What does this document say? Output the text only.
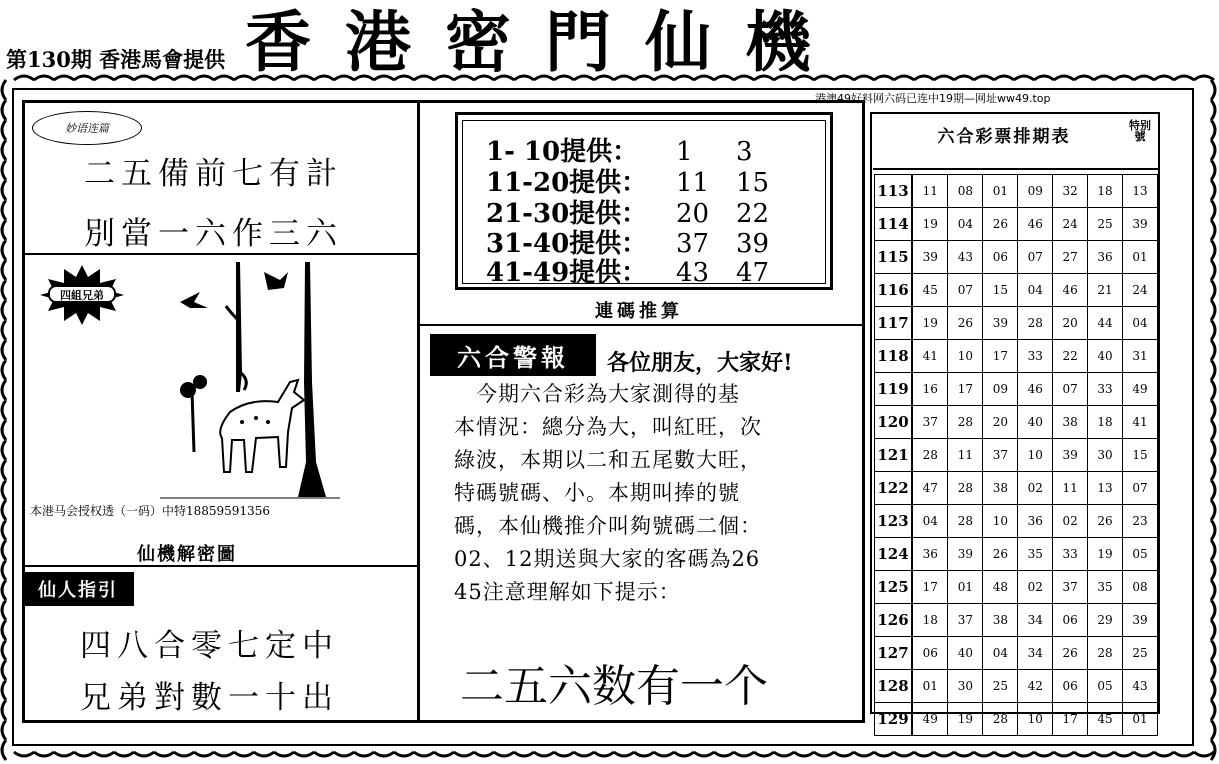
第130期 香港馬會提供 香港密門仙機
港澳49好料网六码已连中19期—网址ww49.top
妙语连篇
二五備前七有計
別當一六作三六
四組兄弟
本港马会授权透（一码）中特18859591356
仙機解密圖
仙人指引
四八合零七定中
兄弟對數一十出
1- 10提供： 1 3
11-20提供： 11 15
21-30提供： 20 22
31-40提供： 37 39
41-49提供： 43 47
連碼推算
六合警報	各位朋友，大家好!

　今期六合彩為大家測得的基

本情況：總分為大，叫紅旺，次

綠波，本期以二和五尾數大旺，

特碼號碼、小。本期叫捧的號

碼，本仙機推介叫夠號碼二個：

02、12期送與大家的客碼為26

45注意理解如下提示：

二五六数有一个
六合彩票排期表
特别號
113	11	08	01	09	32	18	13
114	19	04	26	46	24	25	39
115	39	43	06	07	27	36	01
116	45	07	15	04	46	21	24
117	19	26	39	28	20	44	04
118	41	10	17	33	22	40	31
119	16	17	09	46	07	33	49
120	37	28	20	40	38	18	41
121	28	11	37	10	39	30	15
122	47	28	38	02	11	13	07
123	04	28	10	36	02	26	23
124	36	39	26	35	33	19	05
125	17	01	48	02	37	35	08
126	18	37	38	34	06	29	39
127	06	40	04	34	26	28	25
128	01	30	25	42	06	05	43
129	49	19	28	10	17	45	01
